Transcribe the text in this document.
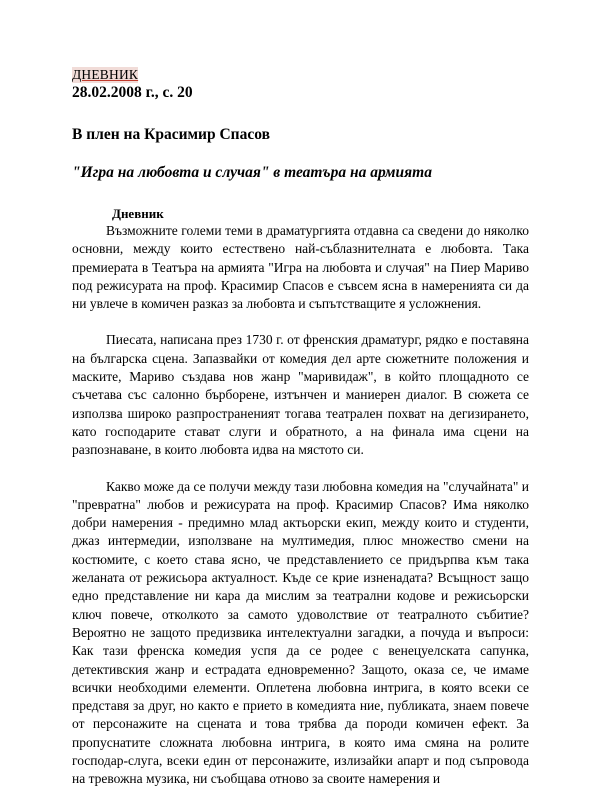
ДНЕВНИК
28.02.2008 г., с. 20
В плен на Красимир Спасов
"Игра на любовта и случая" в театъра на армията
Дневник

Възможните големи теми в драматургията отдавна са сведени до няколко основни, между които естествено най-съблазнителната е любовта. Така премиерата в Театъра на армията "Игра на любовта и случая" на Пиер Мариво под режисурата на проф. Красимир Спасов е съвсем ясна в намеренията си да ни увлече в комичен разказ за любовта и съпътстващите я усложнения.

Пиесата, написана през 1730 г. от френския драматург, рядко е поставяна на българска сцена. Запазвайки от комедия дел арте сюжетните положения и маските, Мариво създава нов жанр "маривидаж", в който площадното се съчетава със салонно бърборене, изтънчен и маниерен диалог. В сюжета се използва широко разпространеният тогава театрален похват на дегизирането, като господарите стават слуги и обратното, а на финала има сцени на разпознаване, в които любовта идва на мястото си.

Какво може да се получи между тази любовна комедия на "случайната" и "превратна" любов и режисурата на проф. Красимир Спасов? Има няколко добри намерения - предимно млад актьорски екип, между които и студенти, джаз интермедии, използване на мултимедия, плюс множество смени на костюмите, с което става ясно, че представлението се придърпва към така желаната от режисьора актуалност. Къде се крие изненадата? Всъщност защо едно представление ни кара да мислим за театрални кодове и режисьорски ключ повече, отколкото за самото удоволствие от театралното събитие? Вероятно не защото предизвика интелектуални загадки, а почуда и въпроси: Как тази френска комедия успя да се родее с венецуелската сапунка, детективския жанр и естрадата едновременно? Защото, оказа се, че имаме всички необходими елементи. Оплетена любовна интрига, в която всеки се представя за друг, но както е прието в комедията ние, публиката, знаем повече от персонажите на сцената и това трябва да породи комичен ефект. За пропуснатите сложната любовна интрига, в която има смяна на ролите господар-слуга, всеки един от персонажите, излизайки апарт и под съпровода на тревожна музика, ни съобщава отново за своите намерения и
